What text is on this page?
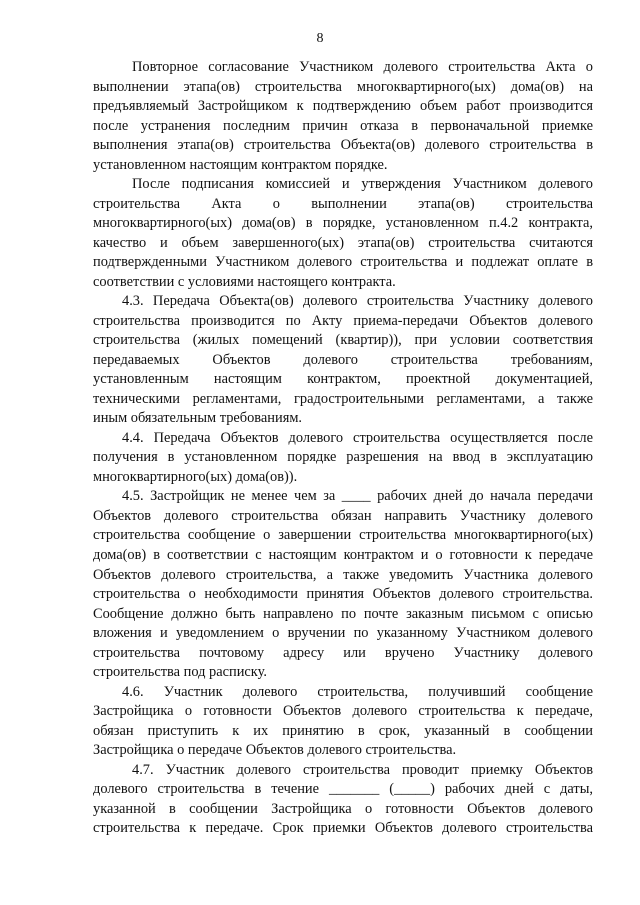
8
Повторное согласование Участником долевого строительства Акта о
выполнении этапа(ов) строительства многоквартирного(ых) дома(ов) на
предъявляемый Застройщиком к подтверждению объем работ производится
после устранения последним причин отказа в первоначальной приемке
выполнения этапа(ов) строительства Объекта(ов) долевого строительства в
установленном настоящим контрактом порядке.
После подписания комиссией и утверждения Участником долевого
строительства Акта о выполнении этапа(ов) строительства
многоквартирного(ых) дома(ов) в порядке, установленном п.4.2 контракта,
качество и объем завершенного(ых) этапа(ов) строительства считаются
подтвержденными Участником долевого строительства и подлежат оплате в
соответствии с условиями настоящего контракта.
4.3. Передача Объекта(ов) долевого строительства Участнику долевого
строительства производится по Акту приема-передачи Объектов долевого
строительства (жилых помещений (квартир)), при условии соответствия
передаваемых Объектов долевого строительства требованиям,
установленным настоящим контрактом, проектной документацией,
техническими регламентами, градостроительными регламентами, а также
иным обязательным требованиям.
4.4. Передача Объектов долевого строительства осуществляется после
получения в установленном порядке разрешения на ввод в эксплуатацию
многоквартирного(ых) дома(ов)).
4.5. Застройщик не менее чем за ____ рабочих дней до начала передачи
Объектов долевого строительства обязан направить Участнику долевого
строительства сообщение о завершении строительства многоквартирного(ых)
дома(ов) в соответствии с настоящим контрактом и о готовности к передаче
Объектов долевого строительства, а также уведомить Участника долевого
строительства о необходимости принятия Объектов долевого строительства.
Сообщение должно быть направлено по почте заказным письмом с описью
вложения и уведомлением о вручении по указанному Участником долевого
строительства почтовому адресу или вручено Участнику долевого
строительства под расписку.
4.6. Участник долевого строительства, получивший сообщение
Застройщика о готовности Объектов долевого строительства к передаче,
обязан приступить к их принятию в срок, указанный в сообщении
Застройщика о передаче Объектов долевого строительства.
4.7. Участник долевого строительства проводит приемку Объектов
долевого строительства в течение _______ (_____) рабочих дней с даты,
указанной в сообщении Застройщика о готовности Объектов долевого
строительства к передаче. Срок приемки Объектов долевого строительства
